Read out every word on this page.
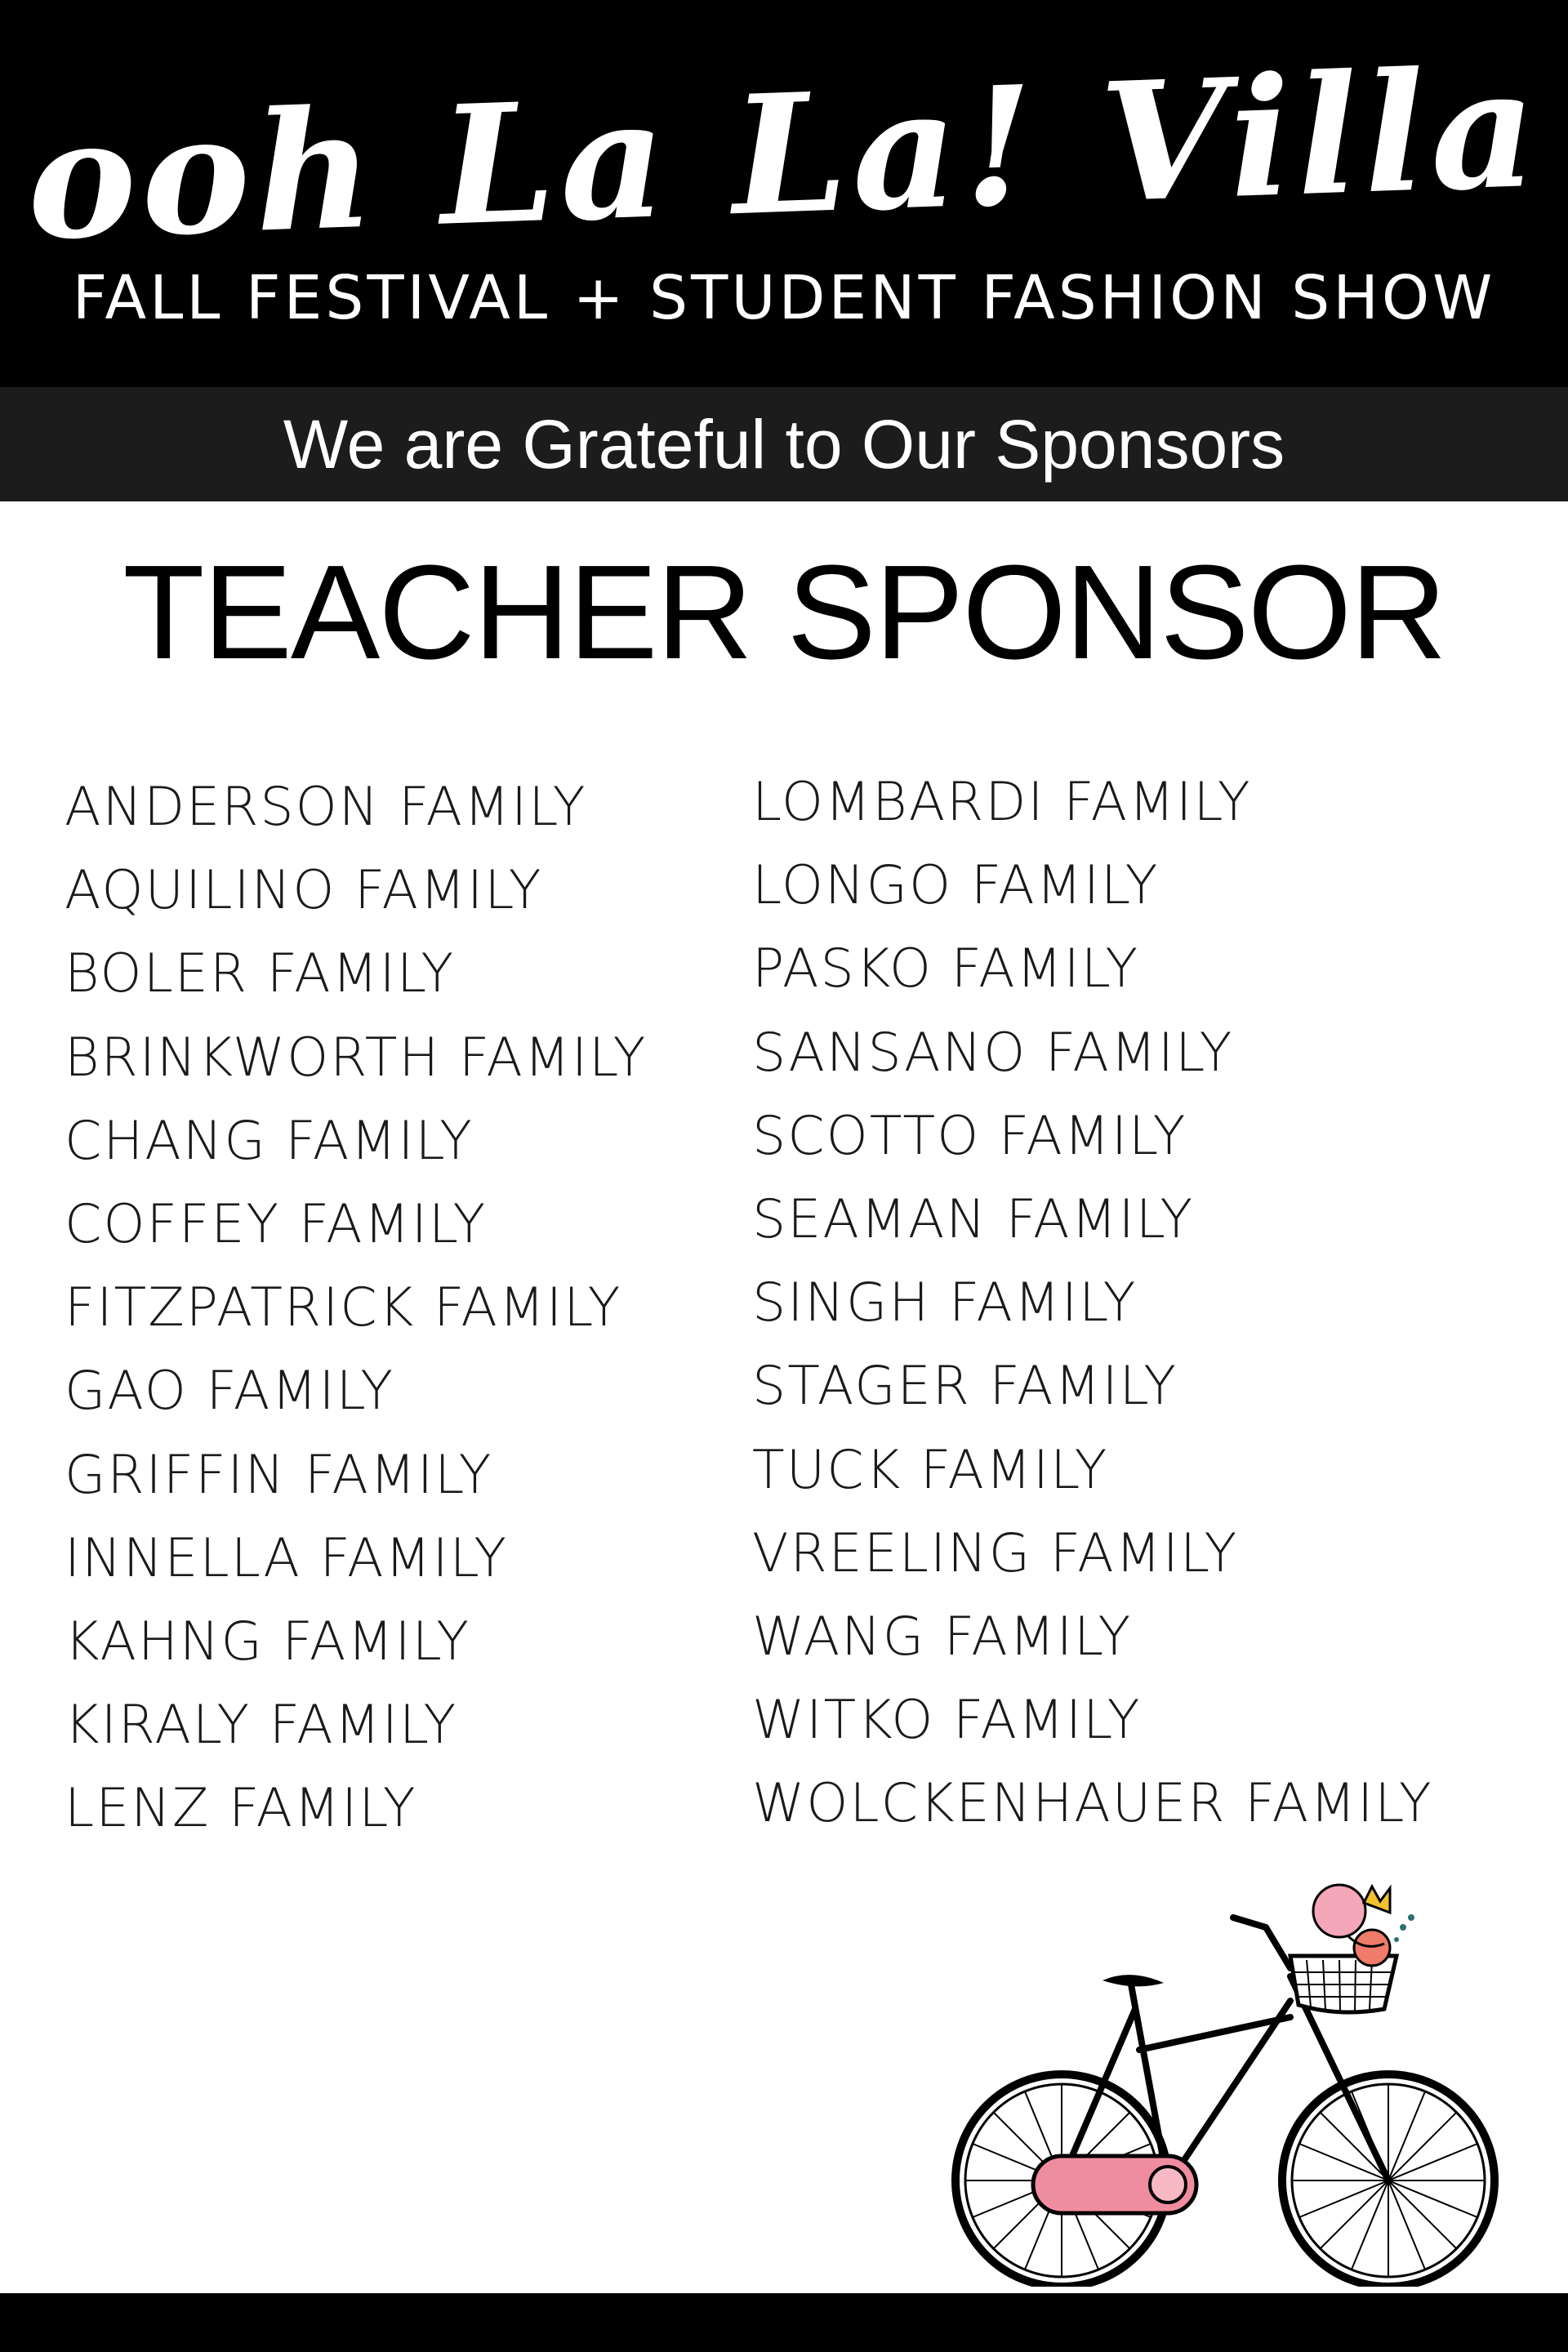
ooh La La! Villa
FALL FESTIVAL + STUDENT FASHION SHOW
We are Grateful to Our Sponsors
TEACHER SPONSOR
ANDERSON FAMILY
AQUILINO FAMILY
BOLER FAMILY
BRINKWORTH FAMILY
CHANG FAMILY
COFFEY FAMILY
FITZPATRICK FAMILY
GAO FAMILY
GRIFFIN FAMILY
INNELLA FAMILY
KAHNG FAMILY
KIRALY FAMILY
LENZ FAMILY
LOMBARDI FAMILY
LONGO FAMILY
PASKO FAMILY
SANSANO FAMILY
SCOTTO FAMILY
SEAMAN FAMILY
SINGH FAMILY
STAGER FAMILY
TUCK FAMILY
VREELING FAMILY
WANG FAMILY
WITKO FAMILY
WOLCKENHAUER FAMILY
